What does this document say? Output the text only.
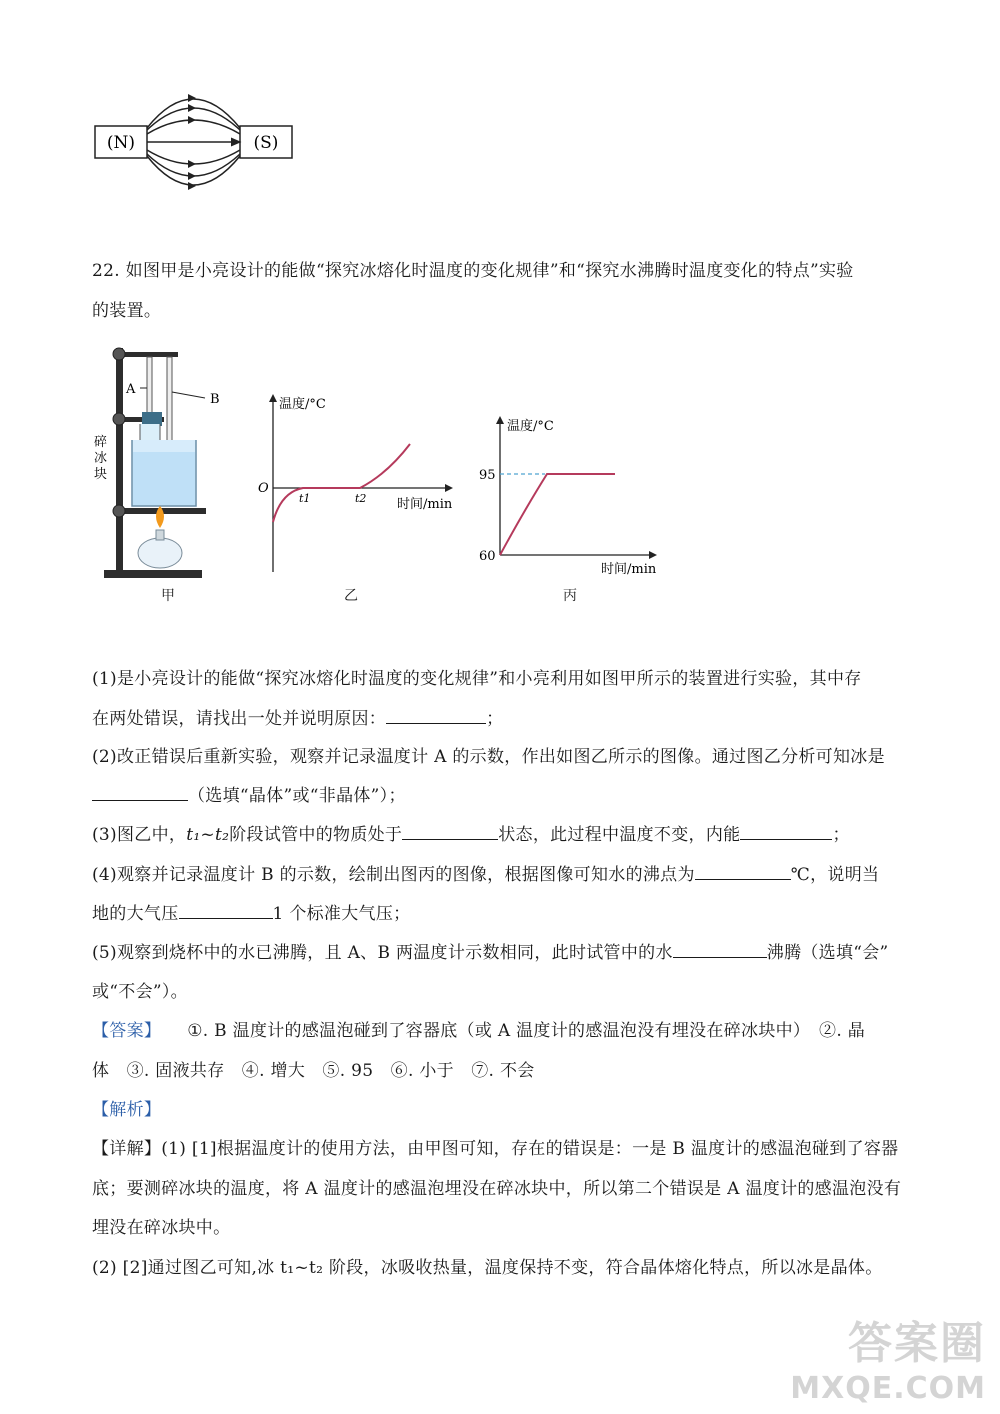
(N)	(S)
22. 如图甲是小亮设计的能做“探究冰熔化时温度的变化规律”和“探究水沸腾时温度变化的特点”实验
的装置。
A
B
碎
冰
块
甲
温度/°C
O
t1	t2 时间/min
乙
温度/°C
95
60
时间/min
丙
(1)是小亮设计的能做“探究冰熔化时温度的变化规律”和小亮利用如图甲所示的装置进行实验，其中存
在两处错误，请找出一处并说明原因：	；
(2)改正错误后重新实验，观察并记录温度计 A 的示数，作出如图乙所示的图像。通过图乙分析可知冰是
（选填“晶体”或“非晶体”）；
(3)图乙中，t₁~t₂阶段试管中的物质处于	状态，此过程中温度不变，内能	；
(4)观察并记录温度计 B 的示数，绘制出图丙的图像，根据图像可知水的沸点为	℃，说明当
地的大气压	1 个标准大气压；
(5)观察到烧杯中的水已沸腾，且 A、B 两温度计示数相同，此时试管中的水	沸腾（选填“会”
或“不会”）。
【答案】 ①. B 温度计的感温泡碰到了容器底（或 A 温度计的感温泡没有埋没在碎冰块中）　②. 晶
体　③. 固液共存　④. 增大　⑤. 95　⑥. 小于　⑦. 不会
【解析】
【详解】(1) [1]根据温度计的使用方法，由甲图可知，存在的错误是：一是 B 温度计的感温泡碰到了容器
底；要测碎冰块的温度，将 A 温度计的感温泡埋没在碎冰块中，所以第二个错误是 A 温度计的感温泡没有
埋没在碎冰块中。
(2) [2]通过图乙可知,冰 t₁~t₂ 阶段，冰吸收热量，温度保持不变，符合晶体熔化特点，所以冰是晶体。
答案圈
MXQE.COM
